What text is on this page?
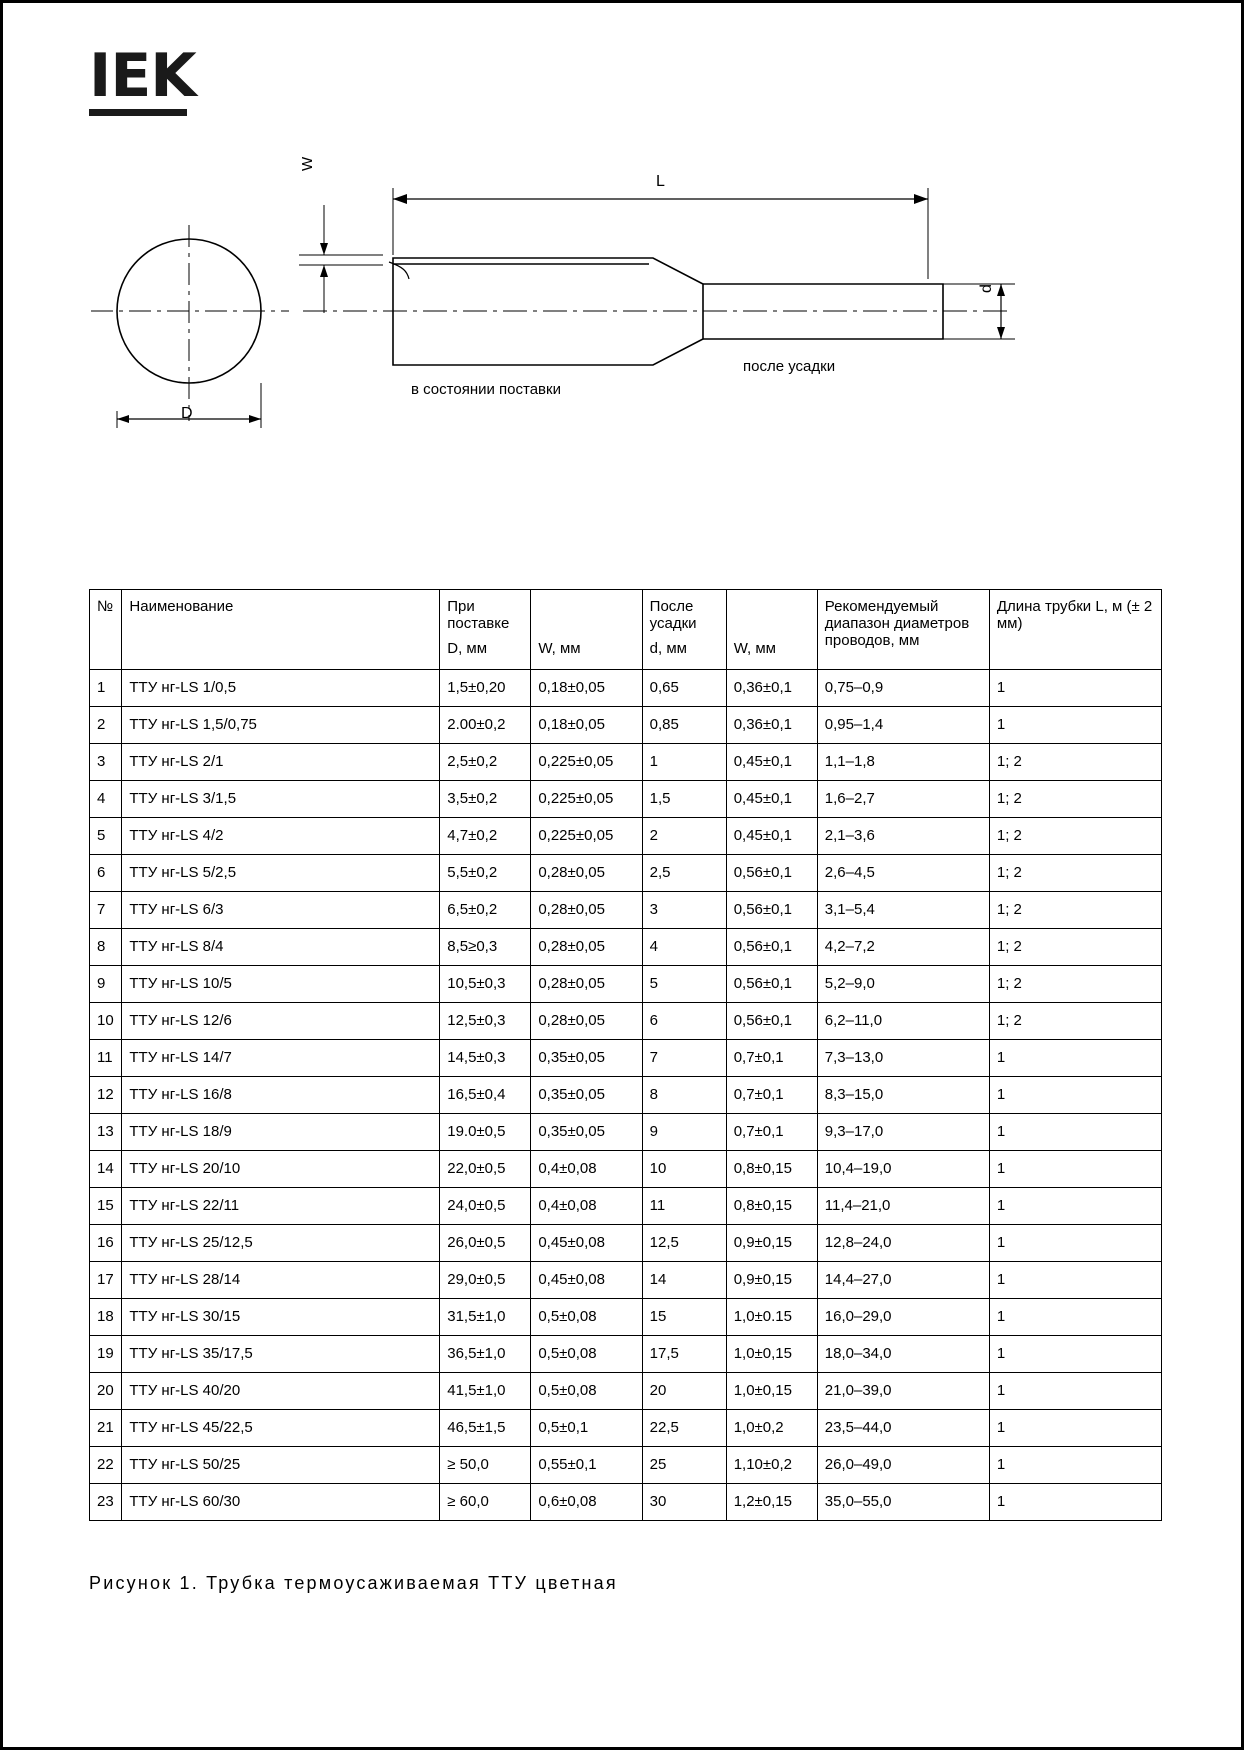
IEK
в состоянии поставки
после усадки
D
L
W
d
№	Наименование	При поставке		После усадки		Рекомендуемый диапазон диаметров проводов, мм	Длина трубки L, м (± 2 мм)
		D, мм	W, мм	d, мм	W, мм		
1	ТТУ нг-LS 1/0,5	1,5±0,20	0,18±0,05	0,65	0,36±0,1	0,75–0,9	1
2	ТТУ нг-LS 1,5/0,75	2.00±0,2	0,18±0,05	0,85	0,36±0,1	0,95–1,4	1
3	ТТУ нг-LS 2/1	2,5±0,2	0,225±0,05	1	0,45±0,1	1,1–1,8	1; 2
4	ТТУ нг-LS 3/1,5	3,5±0,2	0,225±0,05	1,5	0,45±0,1	1,6–2,7	1; 2
5	ТТУ нг-LS 4/2	4,7±0,2	0,225±0,05	2	0,45±0,1	2,1–3,6	1; 2
6	ТТУ нг-LS 5/2,5	5,5±0,2	0,28±0,05	2,5	0,56±0,1	2,6–4,5	1; 2
7	ТТУ нг-LS 6/3	6,5±0,2	0,28±0,05	3	0,56±0,1	3,1–5,4	1; 2
8	ТТУ нг-LS 8/4	8,5≥0,3	0,28±0,05	4	0,56±0,1	4,2–7,2	1; 2
9	ТТУ нг-LS 10/5	10,5±0,3	0,28±0,05	5	0,56±0,1	5,2–9,0	1; 2
10	ТТУ нг-LS 12/6	12,5±0,3	0,28±0,05	6	0,56±0,1	6,2–11,0	1; 2
11	ТТУ нг-LS 14/7	14,5±0,3	0,35±0,05	7	0,7±0,1	7,3–13,0	1
12	ТТУ нг-LS 16/8	16,5±0,4	0,35±0,05	8	0,7±0,1	8,3–15,0	1
13	ТТУ нг-LS 18/9	19.0±0,5	0,35±0,05	9	0,7±0,1	9,3–17,0	1
14	ТТУ нг-LS 20/10	22,0±0,5	0,4±0,08	10	0,8±0,15	10,4–19,0	1
15	ТТУ нг-LS 22/11	24,0±0,5	0,4±0,08	11	0,8±0,15	11,4–21,0	1
16	ТТУ нг-LS 25/12,5	26,0±0,5	0,45±0,08	12,5	0,9±0,15	12,8–24,0	1
17	ТТУ нг-LS 28/14	29,0±0,5	0,45±0,08	14	0,9±0,15	14,4–27,0	1
18	ТТУ нг-LS 30/15	31,5±1,0	0,5±0,08	15	1,0±0.15	16,0–29,0	1
19	ТТУ нг-LS 35/17,5	36,5±1,0	0,5±0,08	17,5	1,0±0,15	18,0–34,0	1
20	ТТУ нг-LS 40/20	41,5±1,0	0,5±0,08	20	1,0±0,15	21,0–39,0	1
21	ТТУ нг-LS 45/22,5	46,5±1,5	0,5±0,1	22,5	1,0±0,2	23,5–44,0	1
22	ТТУ нг-LS 50/25	≥ 50,0	0,55±0,1	25	1,10±0,2	26,0–49,0	1
23	ТТУ нг-LS 60/30	≥ 60,0	0,6±0,08	30	1,2±0,15	35,0–55,0	1
Рисунок 1. Трубка термоусаживаемая ТТУ цветная
